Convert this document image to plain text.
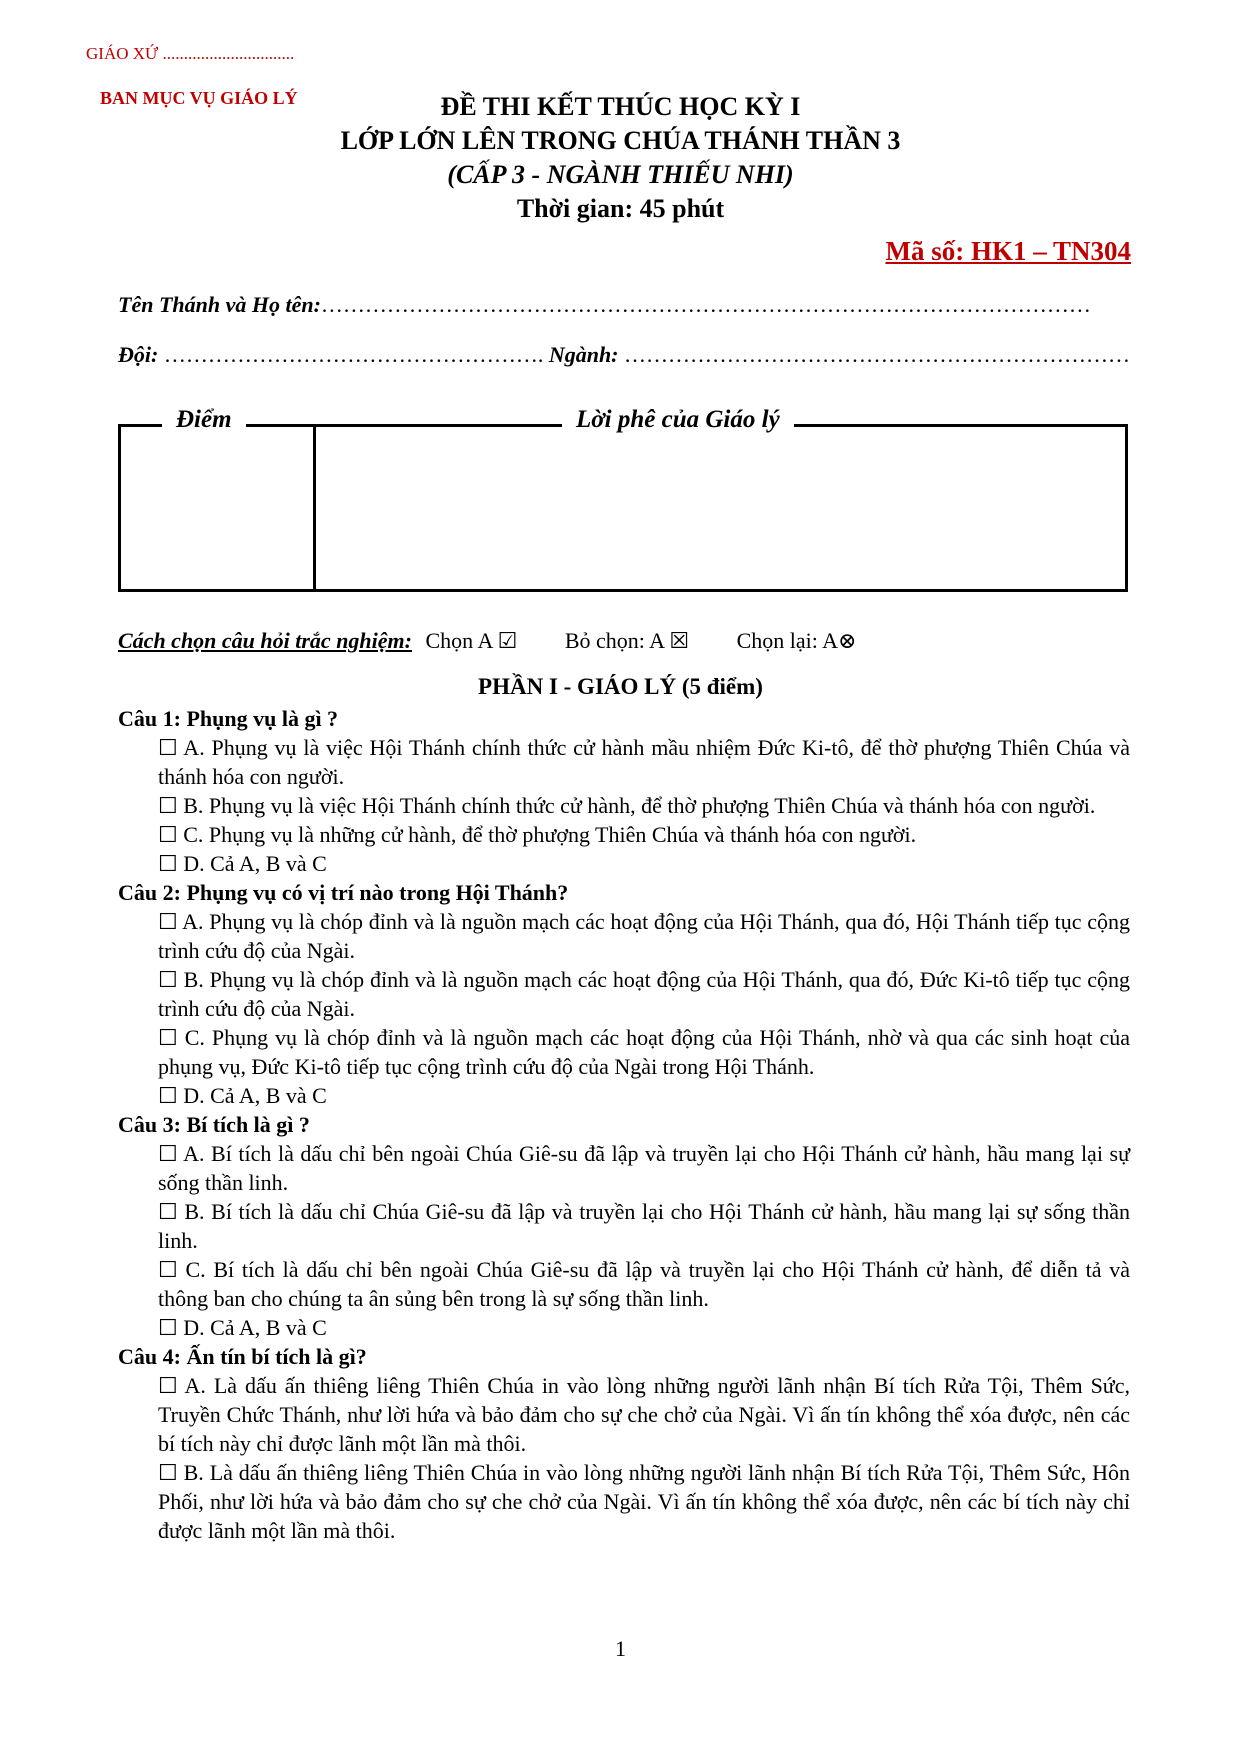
GIÁO XỨ ...............................
BAN MỤC VỤ GIÁO LÝ	ĐỀ THI KẾT THÚC HỌC KỲ I
LỚP LỚN LÊN TRONG CHÚA THÁNH THẦN 3
(CẤP 3 - NGÀNH THIẾU NHI)
Thời gian: 45 phút
Mã số: HK1 – TN304
Tên Thánh và Họ tên:……………………………………………………………………………………………
Đội: ……………………………………………. Ngành: ……………………………………………………………
Điểm	Lời phê của Giáo lý
Cách chọn câu hỏi trắc nghiệm: Chọn A ☑ Bỏ chọn: A ☒ Chọn lại: A⊗
PHẦN I - GIÁO LÝ (5 điểm)
Câu 1: Phụng vụ là gì ?
☐ A. Phụng vụ là việc Hội Thánh chính thức cử hành mầu nhiệm Đức Ki-tô, để thờ phượng Thiên Chúa và thánh hóa con người.
☐ B. Phụng vụ là việc Hội Thánh chính thức cử hành, để thờ phượng Thiên Chúa và thánh hóa con người.
☐ C. Phụng vụ là những cử hành, để thờ phượng Thiên Chúa và thánh hóa con người.
☐ D. Cả A, B và C
Câu 2: Phụng vụ có vị trí nào trong Hội Thánh?
☐ A. Phụng vụ là chóp đỉnh và là nguồn mạch các hoạt động của Hội Thánh, qua đó, Hội Thánh tiếp tục cộng trình cứu độ của Ngài.
☐ B. Phụng vụ là chóp đỉnh và là nguồn mạch các hoạt động của Hội Thánh, qua đó, Đức Ki-tô tiếp tục cộng trình cứu độ của Ngài.
☐ C. Phụng vụ là chóp đỉnh và là nguồn mạch các hoạt động của Hội Thánh, nhờ và qua các sinh hoạt của phụng vụ, Đức Ki-tô tiếp tục cộng trình cứu độ của Ngài trong Hội Thánh.
☐ D. Cả A, B và C
Câu 3: Bí tích là gì ?
☐ A. Bí tích là dấu chỉ bên ngoài Chúa Giê-su đã lập và truyền lại cho Hội Thánh cử hành, hầu mang lại sự sống thần linh.
☐ B. Bí tích là dấu chỉ Chúa Giê-su đã lập và truyền lại cho Hội Thánh cử hành, hầu mang lại sự sống thần linh.
☐ C. Bí tích là dấu chỉ bên ngoài Chúa Giê-su đã lập và truyền lại cho Hội Thánh cử hành, để diễn tả và thông ban cho chúng ta ân sủng bên trong là sự sống thần linh.
☐ D. Cả A, B và C
Câu 4: Ấn tín bí tích là gì?
☐ A. Là dấu ấn thiêng liêng Thiên Chúa in vào lòng những người lãnh nhận Bí tích Rửa Tội, Thêm Sức, Truyền Chức Thánh, như lời hứa và bảo đảm cho sự che chở của Ngài. Vì ấn tín không thể xóa được, nên các bí tích này chỉ được lãnh một lần mà thôi.
☐ B. Là dấu ấn thiêng liêng Thiên Chúa in vào lòng những người lãnh nhận Bí tích Rửa Tội, Thêm Sức, Hôn Phối, như lời hứa và bảo đảm cho sự che chở của Ngài. Vì ấn tín không thể xóa được, nên các bí tích này chỉ được lãnh một lần mà thôi.
1
